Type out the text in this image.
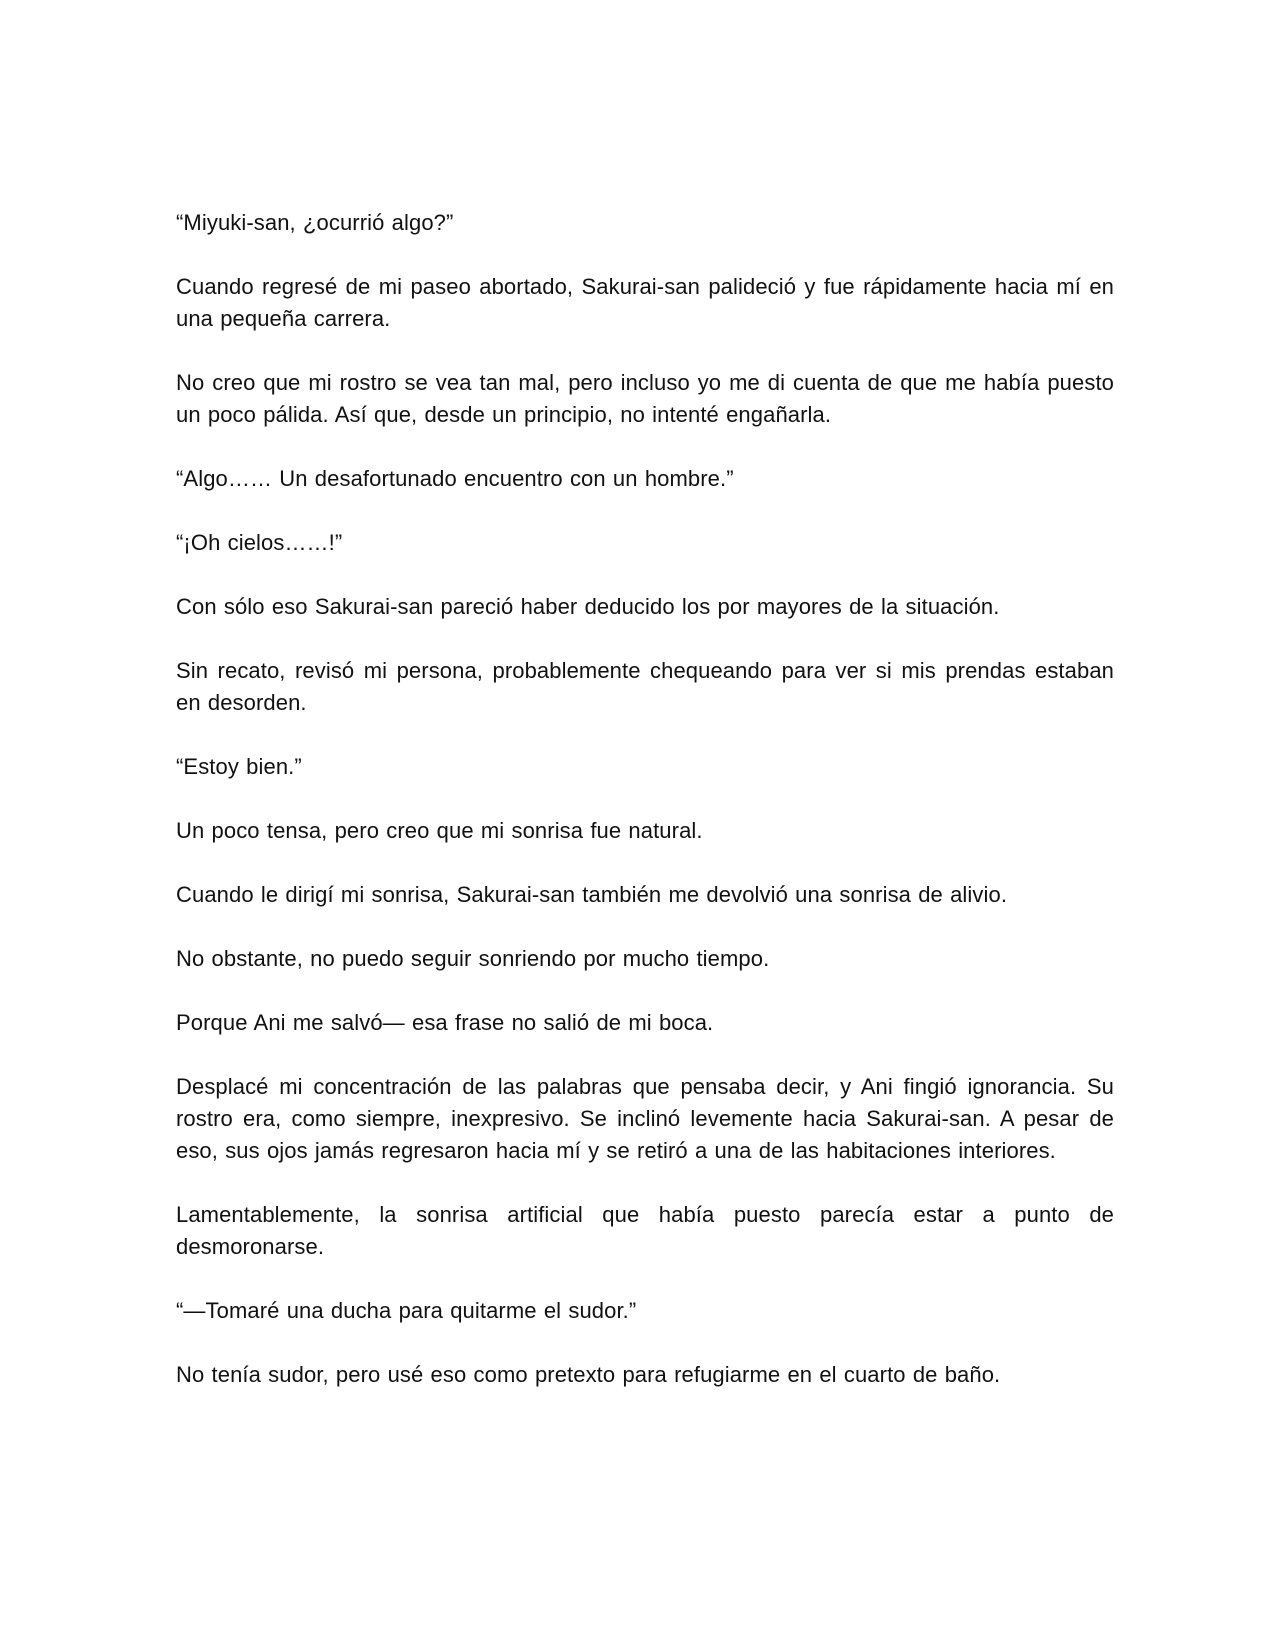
“Miyuki-san, ¿ocurrió algo?”

Cuando regresé de mi paseo abortado, Sakurai-san palideció y fue rápidamente hacia mí en una pequeña carrera.

No creo que mi rostro se vea tan mal, pero incluso yo me di cuenta de que me había puesto un poco pálida. Así que, desde un principio, no intenté engañarla.

“Algo…… Un desafortunado encuentro con un hombre.”

“¡Oh cielos……!”

Con sólo eso Sakurai-san pareció haber deducido los por mayores de la situación.

Sin recato, revisó mi persona, probablemente chequeando para ver si mis prendas estaban en desorden.

“Estoy bien.”

Un poco tensa, pero creo que mi sonrisa fue natural.

Cuando le dirigí mi sonrisa, Sakurai-san también me devolvió una sonrisa de alivio.

No obstante, no puedo seguir sonriendo por mucho tiempo.

Porque Ani me salvó— esa frase no salió de mi boca.

Desplacé mi concentración de las palabras que pensaba decir, y Ani fingió ignorancia. Su rostro era, como siempre, inexpresivo. Se inclinó levemente hacia Sakurai-san. A pesar de eso, sus ojos jamás regresaron hacia mí y se retiró a una de las habitaciones interiores.

Lamentablemente, la sonrisa artificial que había puesto parecía estar a punto de desmoronarse.

“—Tomaré una ducha para quitarme el sudor.”

No tenía sudor, pero usé eso como pretexto para refugiarme en el cuarto de baño.
